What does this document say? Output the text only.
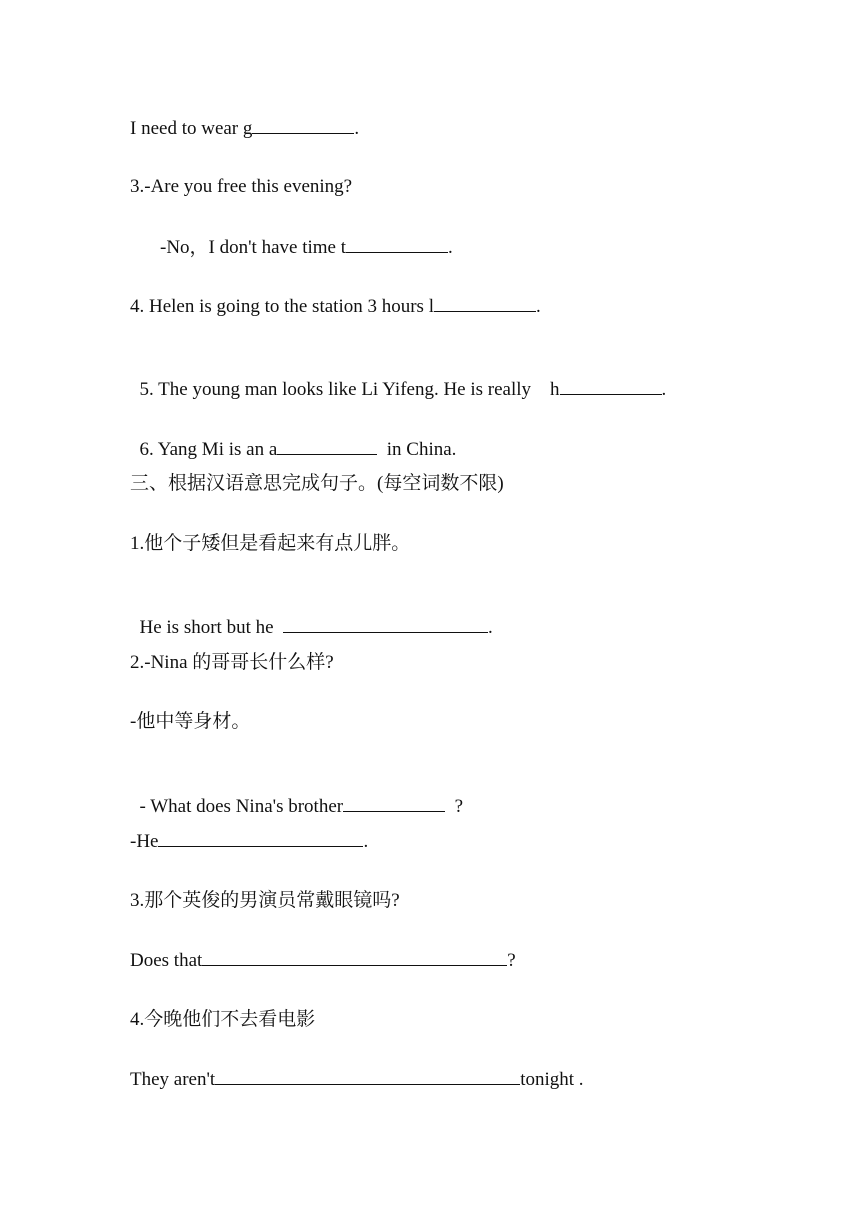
I need to wear g	.
3.-Are you free this evening?
-No，I don't have time t	.
4. Helen is going to the station 3 hours l	.

5. The young man looks like Li Yifeng. He is really    h	.

6. Yang Mi is an a	in China.

三、根据汉语意思完成句子。(每空词数不限)
1.他个子矮但是看起来有点儿胖。

He is short but he	.

2.-Nina 的哥哥长什么样?
-他中等身材。

- What does Nina's brother	?

-He	.
3.那个英俊的男演员常戴眼镜吗?
Does that	?
4.今晚他们不去看电影
They aren't	tonight .
